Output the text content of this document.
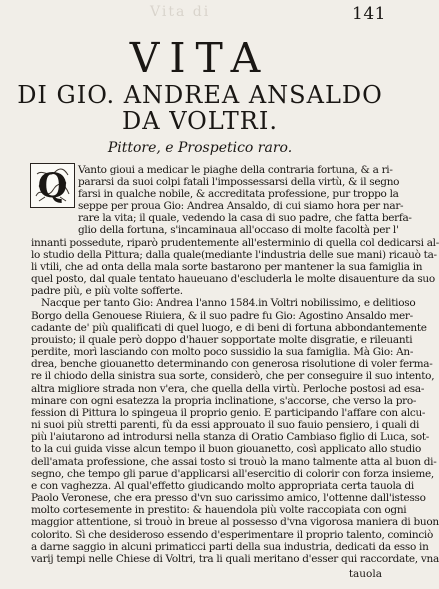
Vita di	141
VITA
DI GIO. ANDREA ANSALDO
DA VOLTRI.
Pittore, e Prospetico raro.
Q Vanto gioui a medicar le piaghe della contraria fortuna, & a ri-
pararsi da suoi colpi fatali l'impossessarsi della virtù, & il segno
farsi in qualche nobile, & accreditata professione, pur troppo la
seppe per proua Gio: Andrea Ansaldo, di cui siamo hora per nar-
rare la vita; il quale, vedendo la casa di suo padre, che fatta berfa-
glio della fortuna, s'incaminaua all'occaso di molte facoltà per l'
innanti possedute, riparò prudentemente all'esterminio di quella col dedicarsi al-
lo studio della Pittura; dalla quale(mediante l'industria delle sue mani) ricauò ta-
li vtili, che ad onta della mala sorte bastarono per mantener la sua famiglia in
quel posto, dal quale tentato haueuano d'escluderla le molte disauenture da suo
padre più, e più volte sofferte.
Nacque per tanto Gio: Andrea l'anno 1584.in Voltri nobilissimo, e delitioso
Borgo della Genouese Riuiera, & il suo padre fu Gio: Agostino Ansaldo mer-
cadante de' più qualificati di quel luogo, e di beni di fortuna abbondantemente
prouisto; il quale però doppo d'hauer sopportate molte disgratie, e rileuanti
perdite, morì lasciando con molto poco sussidio la sua famiglia. Mà Gio: An-
drea, benche giouanetto determinando con generosa risolutione di voler ferma-
re il chiodo della sinistra sua sorte, considerò, che per conseguire il suo intento,
altra migliore strada non v'era, che quella della virtù. Perloche postosi ad esa-
minare con ogni esatezza la propria inclinatione, s'accorse, che verso la pro-
fession di Pittura lo spingeua il proprio genio. E participando l'affare con alcu-
ni suoi più stretti parenti, fù da essi approuato il suo fauio pensiero, i quali di
più l'aiutarono ad introdursi nella stanza di Oratio Cambiaso figlio di Luca, sot-
to la cui guida visse alcun tempo il buon giouanetto, così applicato allo studio
dell'amata professione, che assai tosto si trouò la mano talmente atta al buon di-
segno, che tempo gli parue d'applicarsi all'esercitio di colorir con forza insieme,
e con vaghezza. Al qual'effetto giudicando molto appropriata certa tauola di
Paolo Veronese, che era presso d'vn suo carissimo amico, l'ottenne dall'istesso
molto cortesemente in prestito: & hauendola più volte raccopiata con ogni
maggior attentione, si trouò in breue al possesso d'vna vigorosa maniera di buon
colorito. Sì che desideroso essendo d'esperimentare il proprio talento, cominciò
a darne saggio in alcuni primaticci parti della sua industria, dedicati da esso in
varij tempi nelle Chiese di Voltri, tra li quali meritano d'esser qui raccordate, vna
tauola
